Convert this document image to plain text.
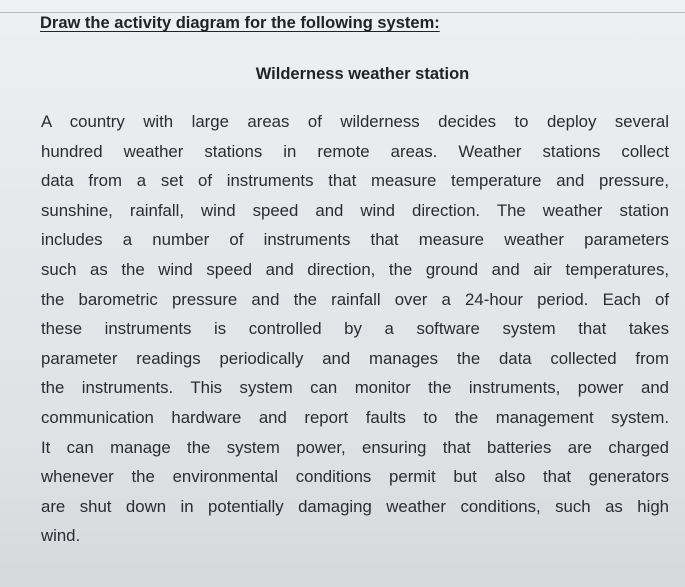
Draw the activity diagram for the following system:
Wilderness weather station
A country with large areas of wilderness decides to deploy several
hundred weather stations in remote areas. Weather stations collect
data from a set of instruments that measure temperature and pressure,
sunshine, rainfall, wind speed and wind direction. The weather station
includes a number of instruments that measure weather parameters
such as the wind speed and direction, the ground and air temperatures,
the barometric pressure and the rainfall over a 24-hour period. Each of
these instruments is controlled by a software system that takes
parameter readings periodically and manages the data collected from
the instruments. This system can monitor the instruments, power and
communication hardware and report faults to the management system.
It can manage the system power, ensuring that batteries are charged
whenever the environmental conditions permit but also that generators
are shut down in potentially damaging weather conditions, such as high
wind.
